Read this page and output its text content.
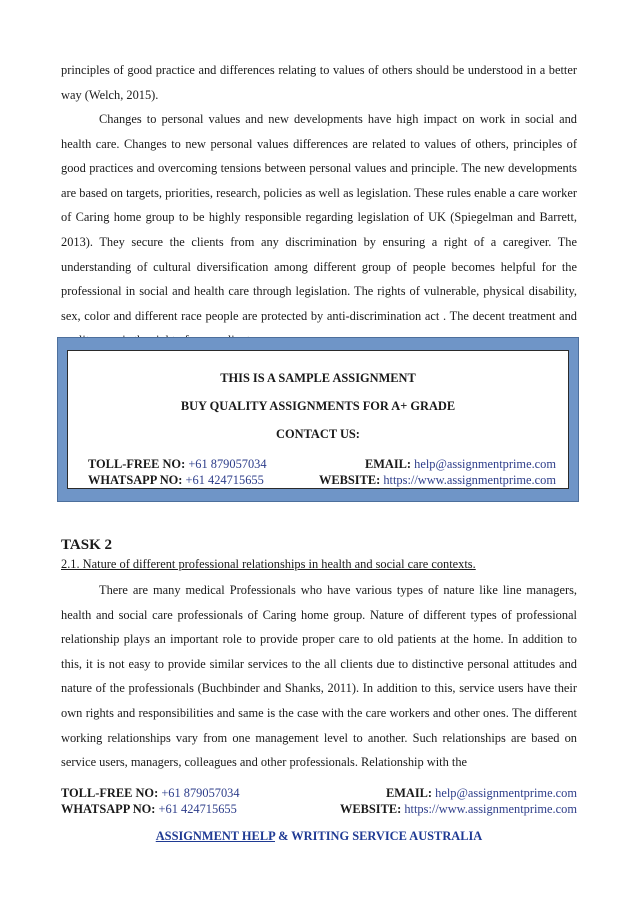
principles of good practice and differences relating to values of others should be understood in a better way (Welch, 2015).

Changes to personal values and new developments have high impact on work in social and health care. Changes to new personal values differences are related to values of others, principles of good practices and overcoming tensions between personal values and principle. The new developments are based on targets, priorities, research, policies as well as legislation. These rules enable a care worker of Caring home group to be highly responsible regarding legislation of UK (Spiegelman and Barrett, 2013). They secure the clients from any discrimination by ensuring a right of a caregiver. The understanding of cultural diversification among different group of people becomes helpful for the professional in social and health care through legislation. The rights of vulnerable, physical disability, sex, color and different race people are protected by anti-discrimination act . The decent treatment and

THIS IS A SAMPLE ASSIGNMENT

BUY QUALITY ASSIGNMENTS FOR A+ GRADE

CONTACT US:

TOLL-FREE NO: +61 879057034	EMAIL: help@assignmentprime.com
WHATSAPP NO: +61 424715655	WEBSITE: https://www.assignmentprime.com

TASK 2

2.1. Nature of different professional relationships in health and social care contexts.

There are many medical Professionals who have various types of nature like line managers, health and social care professionals of Caring home group. Nature of different types of professional relationship plays an important role to provide proper care to old patients at the home. In addition to this, it is not easy to provide similar services to the all clients due to distinctive personal attitudes and nature of the professionals (Buchbinder and Shanks, 2011). In addition to this, service users have their own rights and responsibilities and same is the case with the care workers and other ones. The different working relationships vary from one management level to another. Such relationships are based on service users, managers, colleagues and other professionals. Relationship with the

TOLL-FREE NO: +61 879057034	EMAIL: help@assignmentprime.com
WHATSAPP NO: +61 424715655	WEBSITE: https://www.assignmentprime.com
ASSIGNMENT HELP & WRITING SERVICE AUSTRALIA
